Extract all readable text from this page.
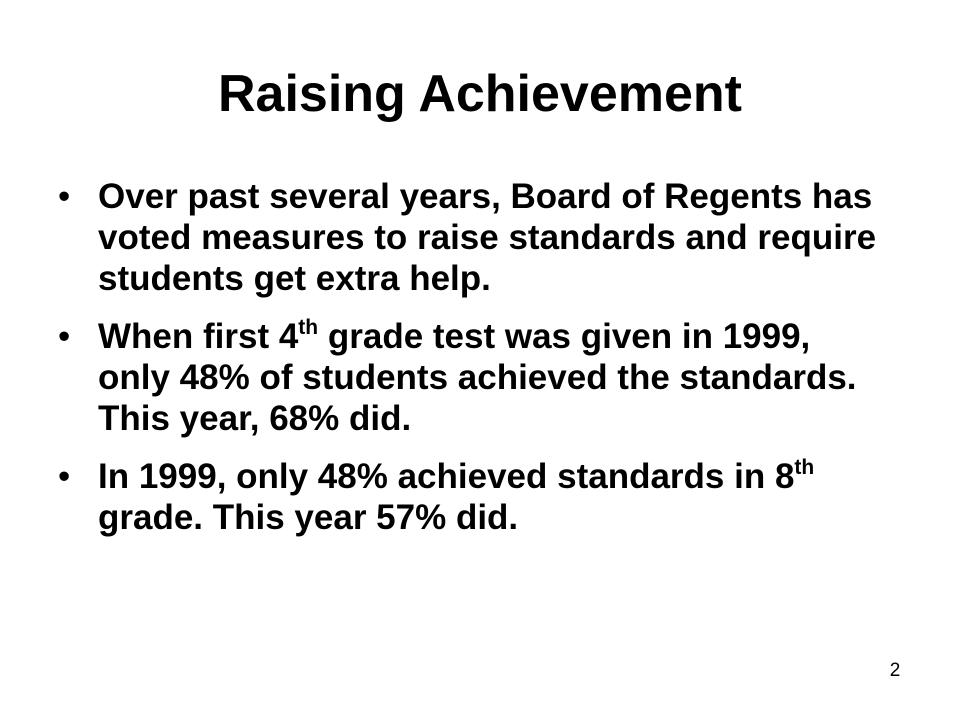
Raising Achievement
• Over past several years, Board of Regents has voted measures to raise standards and require students get extra help.
• When first 4th grade test was given in 1999, only 48% of students achieved the standards. This year, 68% did.
• In 1999, only 48% achieved standards in 8th grade. This year 57% did.
2
